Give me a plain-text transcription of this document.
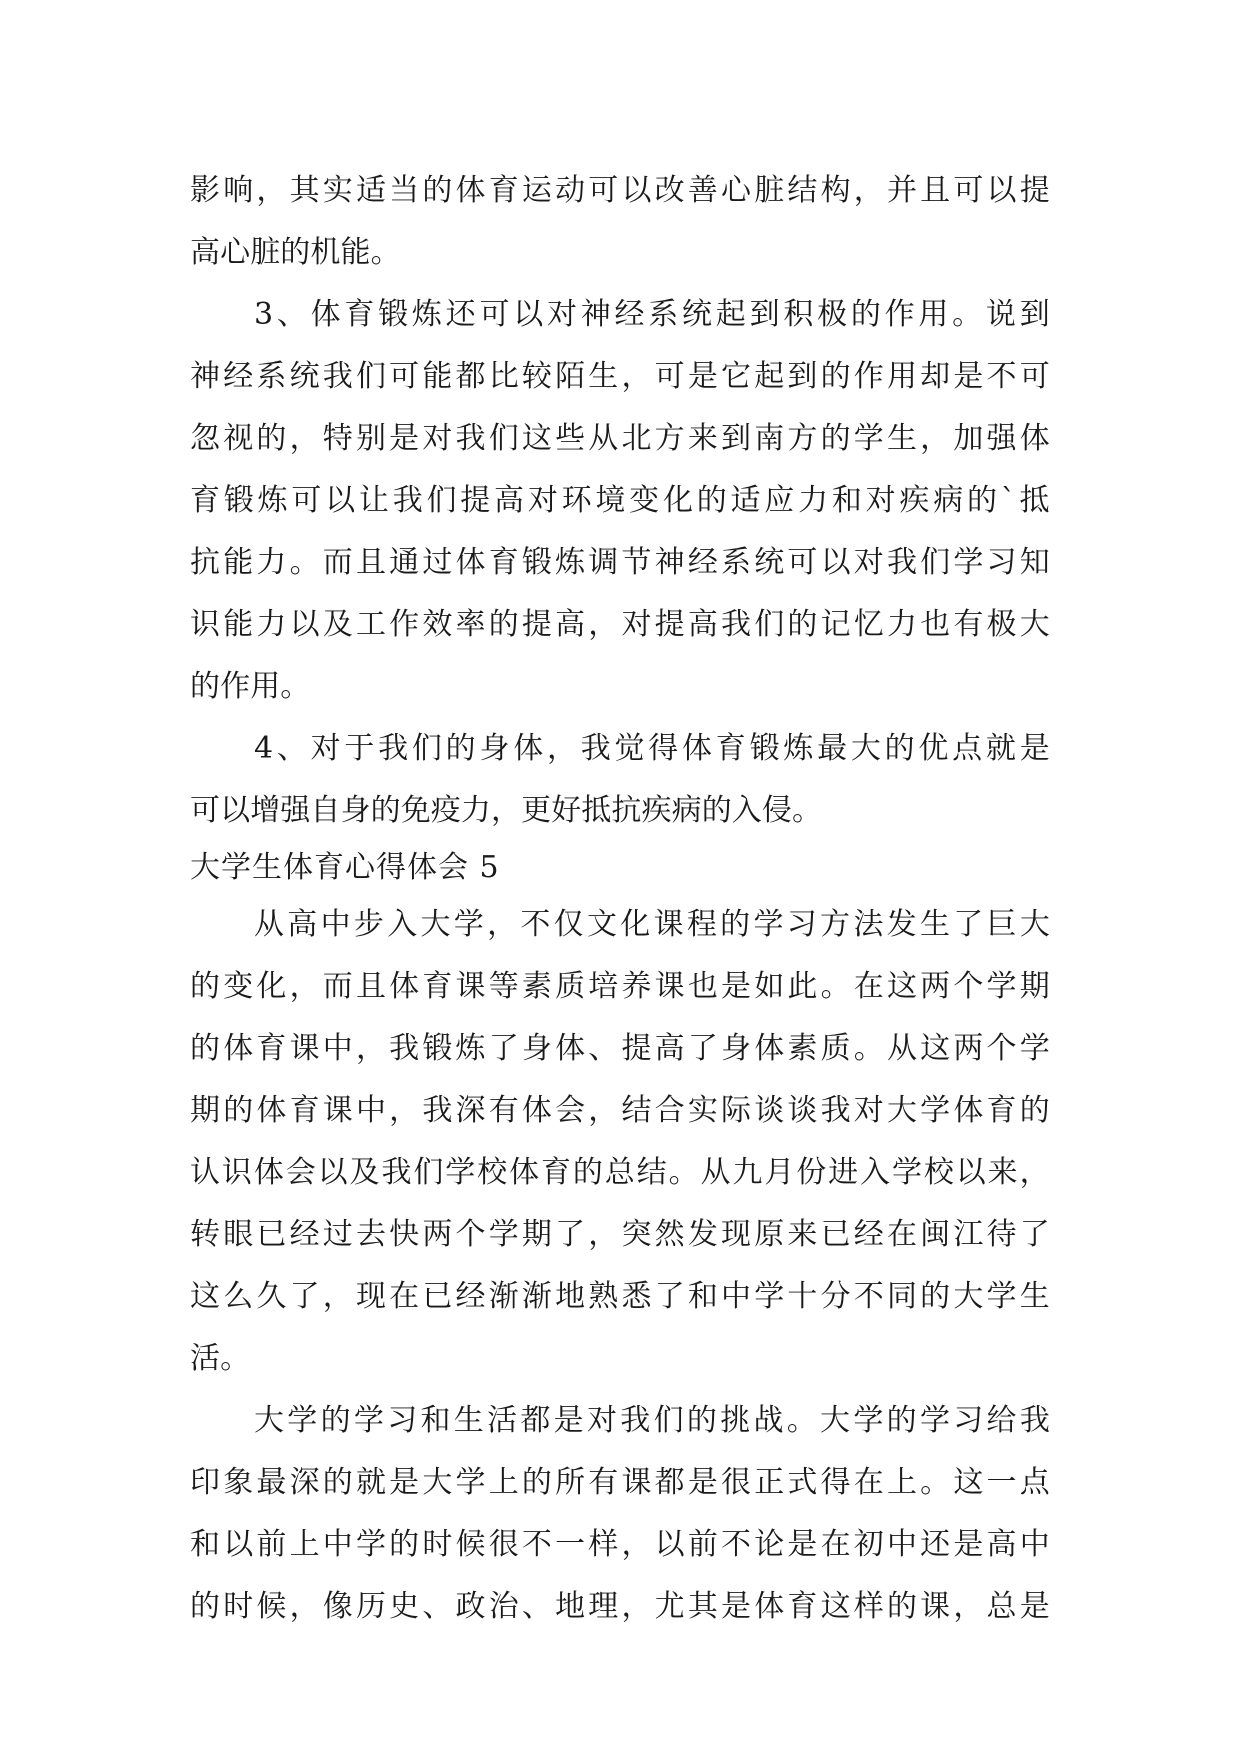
影 响 ， 其 实 适 当 的 体 育 运 动 可 以 改 善 心 脏 结 构 ， 并 且 可 以 提
高心脏的机能。
3 、 体 育 锻 炼 还 可 以 对 神 经 系 统 起 到 积 极 的 作 用 。 说 到
神 经 系 统 我 们 可 能 都 比 较 陌 生 ， 可 是 它 起 到 的 作 用 却 是 不 可
忽 视 的 ， 特 别 是 对 我 们 这 些 从 北 方 来 到 南 方 的 学 生 ， 加 强 体
育 锻 炼 可 以 让 我 们 提 高 对 环 境 变 化 的 适 应 力 和 对 疾 病 的 ` 抵
抗 能 力 。 而 且 通 过 体 育 锻 炼 调 节 神 经 系 统 可 以 对 我 们 学 习 知
识 能 力 以 及 工 作 效 率 的 提 高 ， 对 提 高 我 们 的 记 忆 力 也 有 极 大
的作用。
4 、 对 于 我 们 的 身 体 ， 我 觉 得 体 育 锻 炼 最 大 的 优 点 就 是
可以增强自身的免疫力，更好抵抗疾病的入侵。
大学生体育心得体会 5
从 高 中 步 入 大 学 ， 不 仅 文 化 课 程 的 学 习 方 法 发 生 了 巨 大
的 变 化 ， 而 且 体 育 课 等 素 质 培 养 课 也 是 如 此 。 在 这 两 个 学 期
的 体 育 课 中 ， 我 锻 炼 了 身 体 、 提 高 了 身 体 素 质 。 从 这 两 个 学
期 的 体 育 课 中 ， 我 深 有 体 会 ， 结 合 实 际 谈 谈 我 对 大 学 体 育 的
认 识 体 会 以 及 我 们 学 校 体 育 的 总 结 。 从 九 月 份 进 入 学 校 以 来 ，
转 眼 已 经 过 去 快 两 个 学 期 了 ， 突 然 发 现 原 来 已 经 在 闽 江 待 了
这 么 久 了 ， 现 在 已 经 渐 渐 地 熟 悉 了 和 中 学 十 分 不 同 的 大 学 生
活。
大 学 的 学 习 和 生 活 都 是 对 我 们 的 挑 战 。 大 学 的 学 习 给 我
印 象 最 深 的 就 是 大 学 上 的 所 有 课 都 是 很 正 式 得 在 上 。 这 一 点
和 以 前 上 中 学 的 时 候 很 不 一 样 ， 以 前 不 论 是 在 初 中 还 是 高 中
的 时 候 ， 像 历 史 、 政 治 、 地 理 ， 尤 其 是 体 育 这 样 的 课 ， 总 是
